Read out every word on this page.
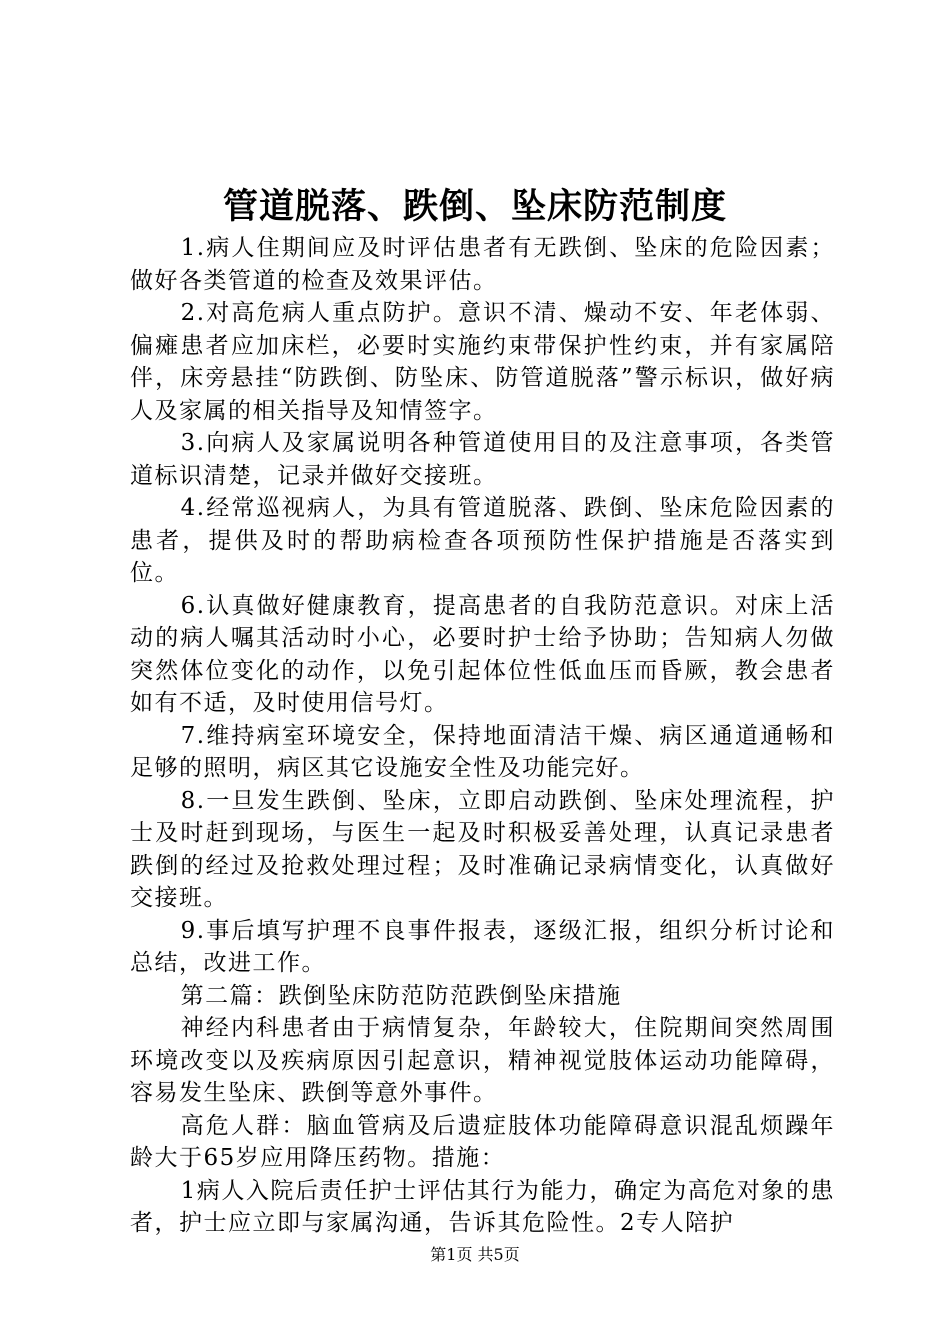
管道脱落、跌倒、坠床防范制度

1.病人住期间应及时评估患者有无跌倒、坠床的危险因素；做好各类管道的检查及效果评估。

2.对高危病人重点防护。意识不清、燥动不安、年老体弱、偏瘫患者应加床栏，必要时实施约束带保护性约束，并有家属陪伴，床旁悬挂“防跌倒、防坠床、防管道脱落”警示标识，做好病人及家属的相关指导及知情签字。

3.向病人及家属说明各种管道使用目的及注意事项，各类管道标识清楚，记录并做好交接班。

4.经常巡视病人，为具有管道脱落、跌倒、坠床危险因素的患者，提供及时的帮助病检查各项预防性保护措施是否落实到位。

6.认真做好健康教育，提高患者的自我防范意识。对床上活动的病人嘱其活动时小心，必要时护士给予协助；告知病人勿做突然体位变化的动作，以免引起体位性低血压而昏厥，教会患者如有不适，及时使用信号灯。

7.维持病室环境安全，保持地面清洁干燥、病区通道通畅和足够的照明，病区其它设施安全性及功能完好。

8.一旦发生跌倒、坠床，立即启动跌倒、坠床处理流程，护士及时赶到现场，与医生一起及时积极妥善处理，认真记录患者跌倒的经过及抢救处理过程；及时准确记录病情变化，认真做好交接班。

9.事后填写护理不良事件报表，逐级汇报，组织分析讨论和总结，改进工作。

第二篇：跌倒坠床防范防范跌倒坠床措施

神经内科患者由于病情复杂，年龄较大，住院期间突然周围环境改变以及疾病原因引起意识，精神视觉肢体运动功能障碍，容易发生坠床、跌倒等意外事件。

高危人群：脑血管病及后遗症肢体功能障碍意识混乱烦躁年龄大于65岁应用降压药物。措施：

1病人入院后责任护士评估其行为能力，确定为高危对象的患者，护士应立即与家属沟通，告诉其危险性。2专人陪护

第1页 共5页
